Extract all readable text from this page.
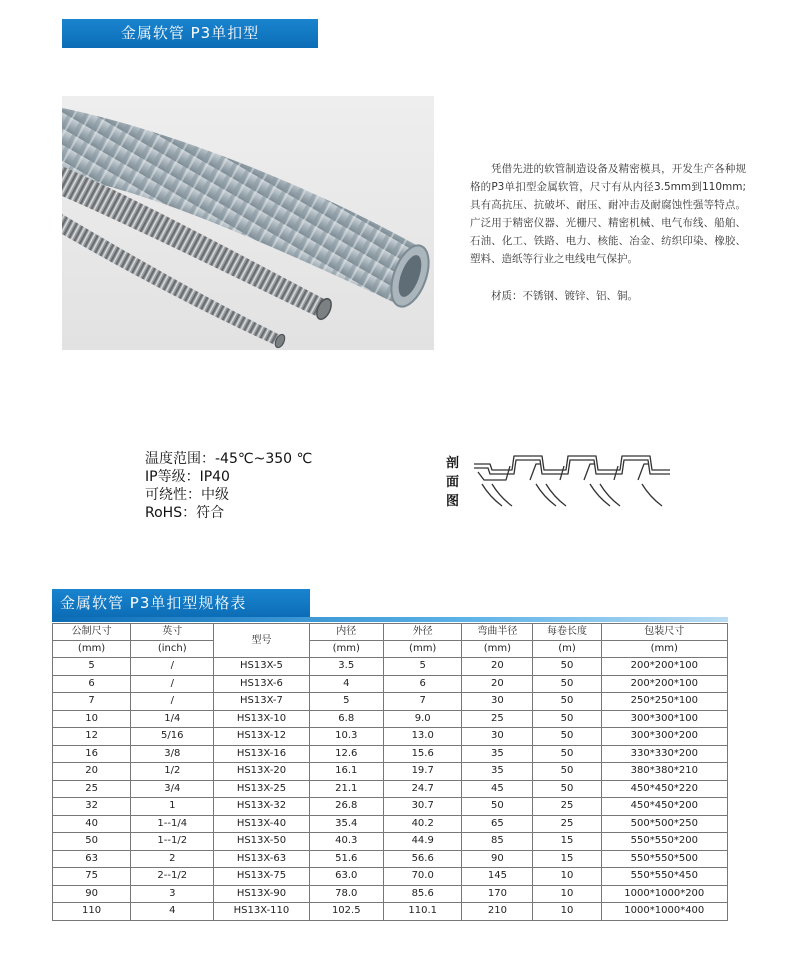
金属软管 P3单扣型

凭借先进的软管制造设备及精密模具，开发生产各种规格的P3单扣型金属软管，尺寸有从内径3.5mm到110mm;具有高抗压、抗破坏、耐压、耐冲击及耐腐蚀性强等特点。广泛用于精密仪器、光栅尺、精密机械、电气布线、船舶、石油、化工、铁路、电力、核能、冶金、纺织印染、橡胶、塑料、造纸等行业之电线电气保护。

材质：不锈钢、镀锌、铝、铜。

温度范围：-45℃~350 ℃
IP等级：IP40
可绕性：中级
RoHS：符合
剖面图
金属软管 P3单扣型规格表
公制尺寸	英寸	型号	内径	外径	弯曲半径	每卷长度	包装尺寸
(mm)	(inch)		(mm)	(mm)	(mm)	(m)	(mm)
5	/	HS13X-5	3.5	5	20	50	200*200*100
6	/	HS13X-6	4	6	20	50	200*200*100
7	/	HS13X-7	5	7	30	50	250*250*100
10	1/4	HS13X-10	6.8	9.0	25	50	300*300*100
12	5/16	HS13X-12	10.3	13.0	30	50	300*300*200
16	3/8	HS13X-16	12.6	15.6	35	50	330*330*200
20	1/2	HS13X-20	16.1	19.7	35	50	380*380*210
25	3/4	HS13X-25	21.1	24.7	45	50	450*450*220
32	1	HS13X-32	26.8	30.7	50	25	450*450*200
40	1--1/4	HS13X-40	35.4	40.2	65	25	500*500*250
50	1--1/2	HS13X-50	40.3	44.9	85	15	550*550*200
63	2	HS13X-63	51.6	56.6	90	15	550*550*500
75	2--1/2	HS13X-75	63.0	70.0	145	10	550*550*450
90	3	HS13X-90	78.0	85.6	170	10	1000*1000*200
110	4	HS13X-110	102.5	110.1	210	10	1000*1000*400
